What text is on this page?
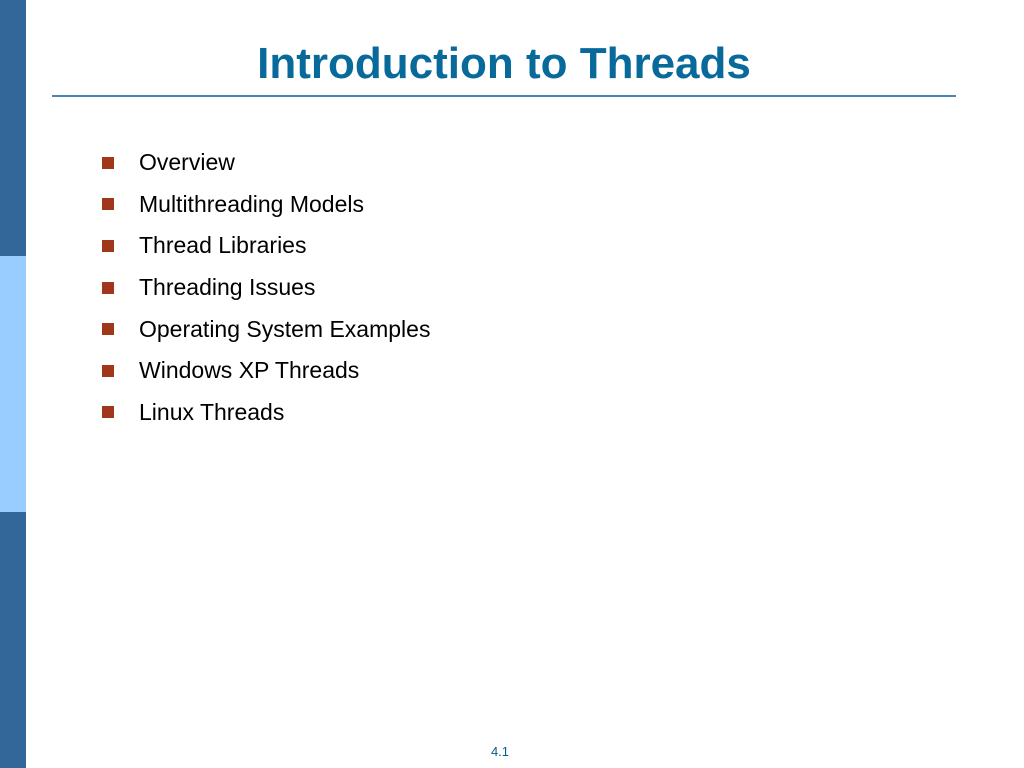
Introduction to Threads
Overview
Multithreading Models
Thread Libraries
Threading Issues
Operating System Examples
Windows XP Threads
Linux Threads
4.1
